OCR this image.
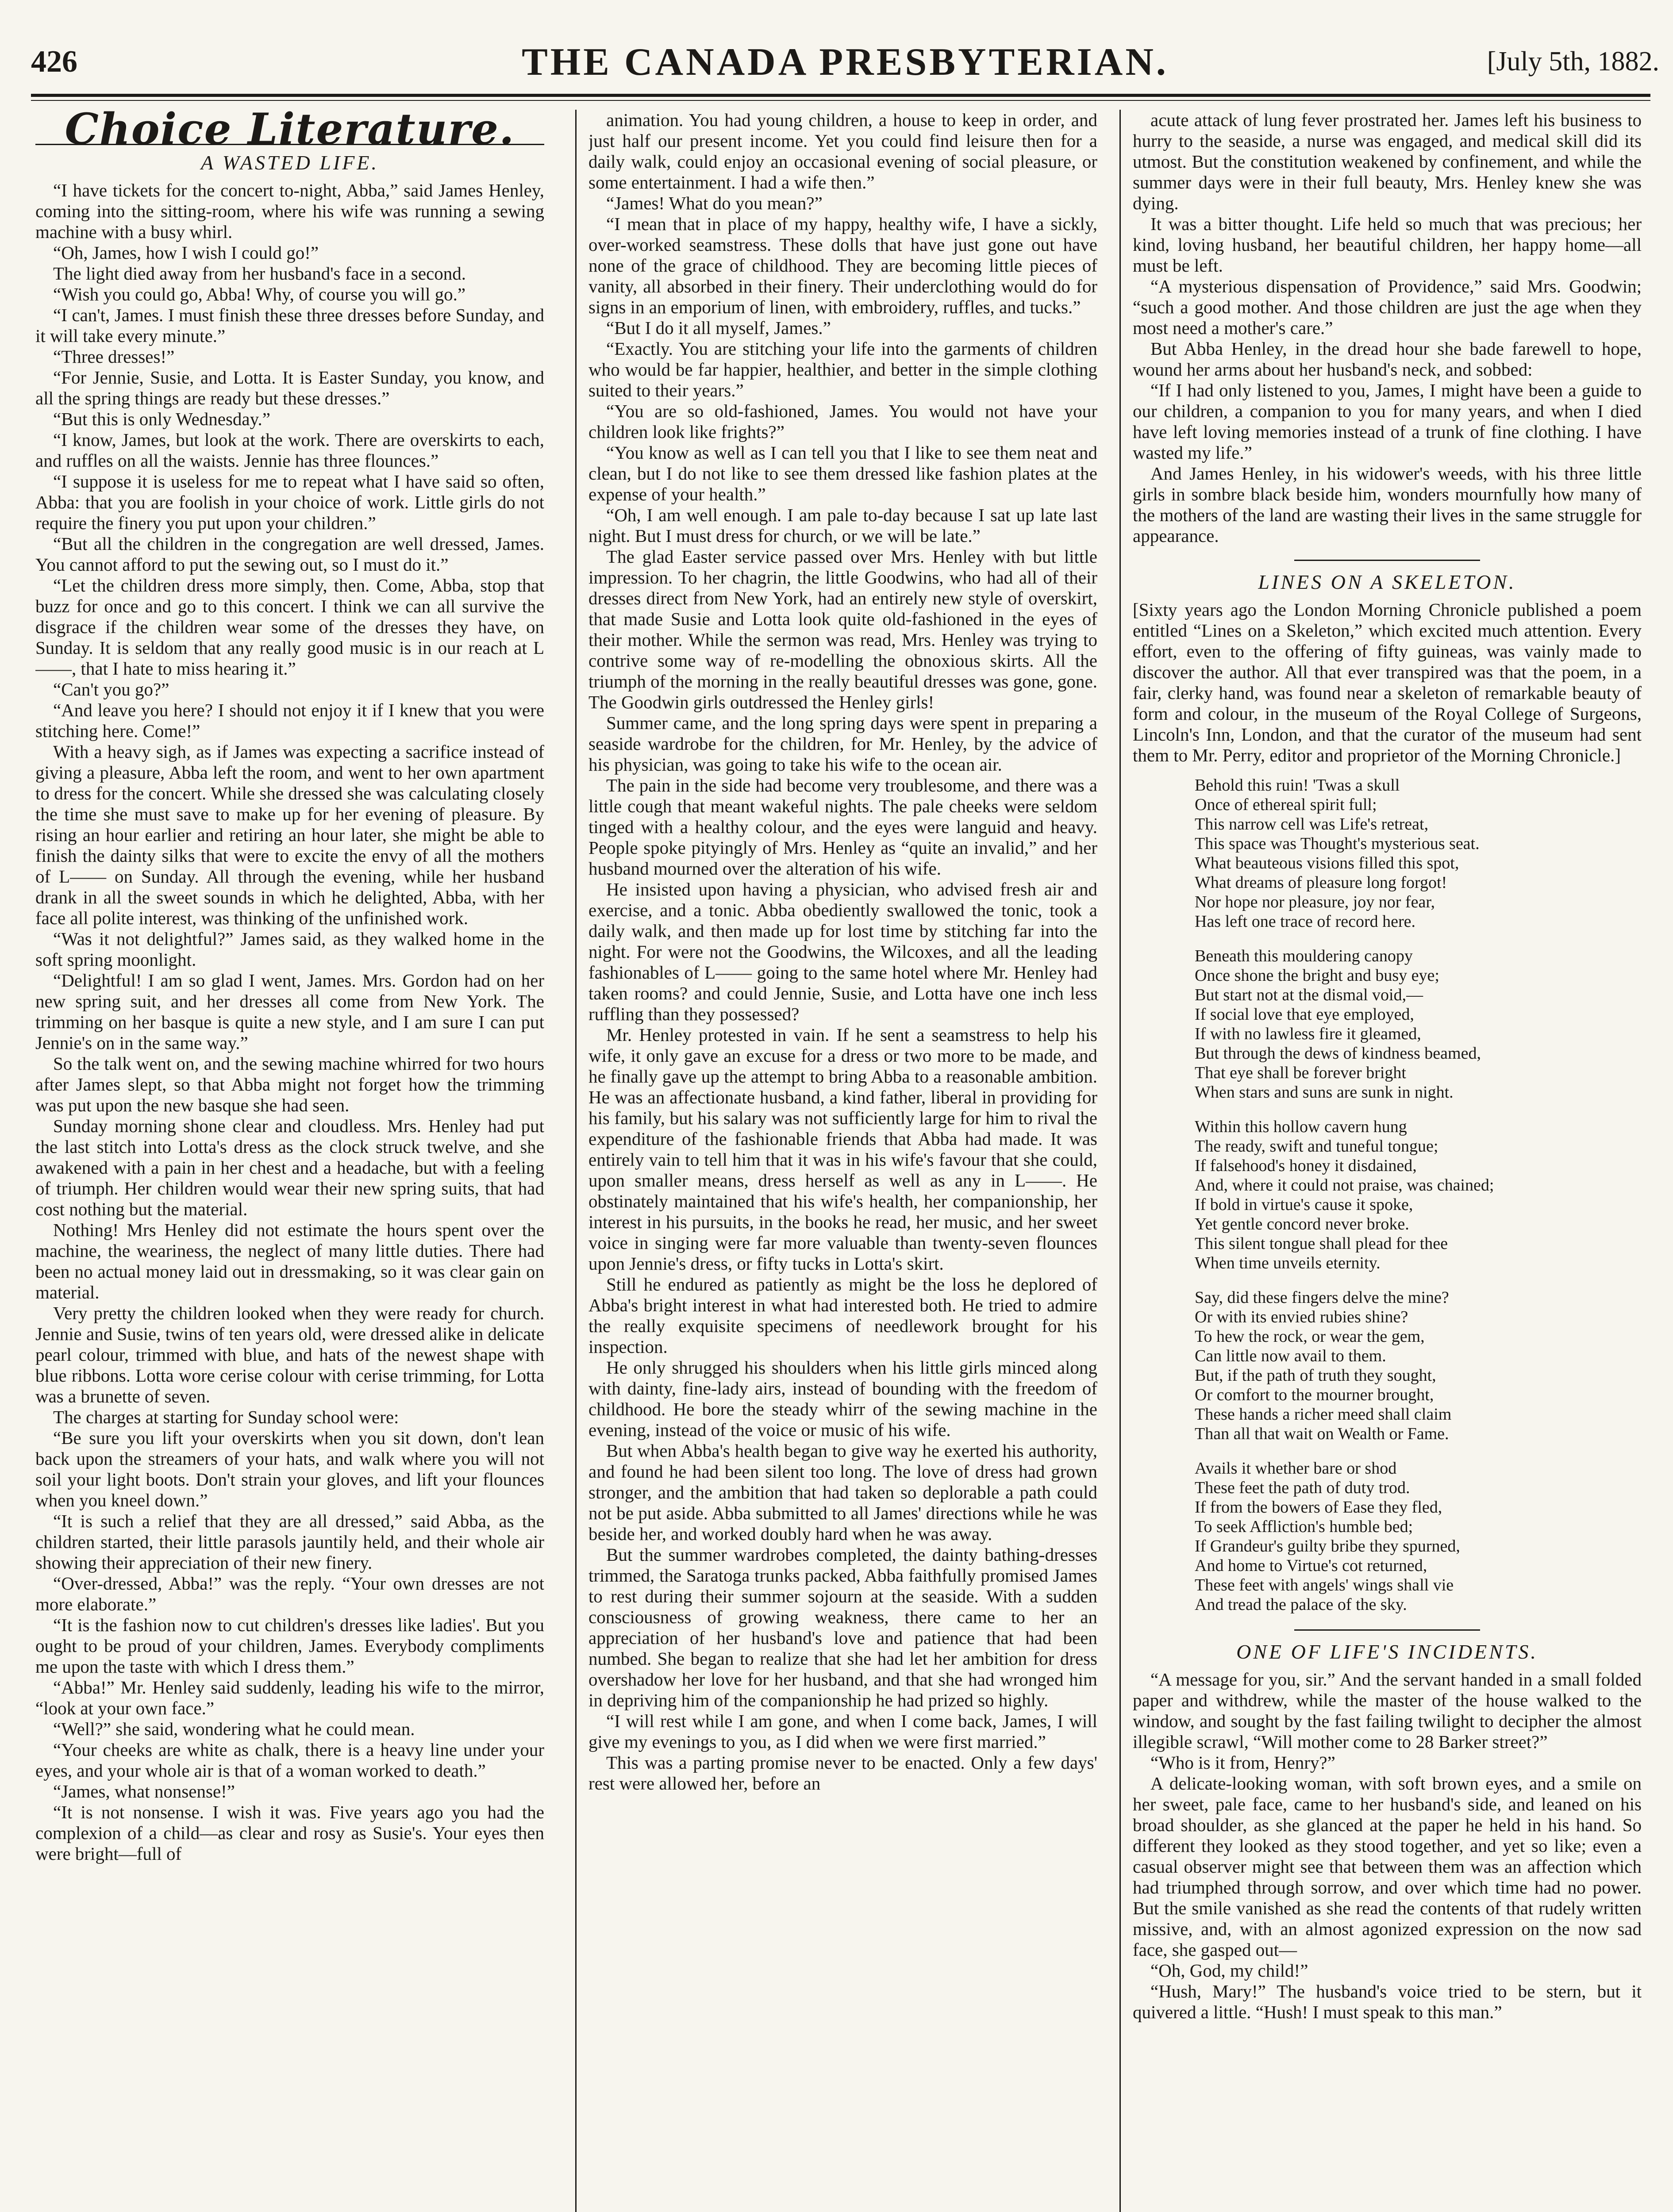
426	THE CANADA PRESBYTERIAN.	[July 5th, 1882.
Choice Literature.
A WASTED LIFE.

“I have tickets for the concert to-night, Abba,” said James Henley, coming into the sitting-room, where his wife was running a sewing machine with a busy whirl.

“Oh, James, how I wish I could go!”

The light died away from her husband's face in a second.

“Wish you could go, Abba! Why, of course you will go.”

“I can't, James. I must finish these three dresses before Sunday, and it will take every minute.”

“Three dresses!”

“For Jennie, Susie, and Lotta. It is Easter Sunday, you know, and all the spring things are ready but these dresses.”

“But this is only Wednesday.”

“I know, James, but look at the work. There are overskirts to each, and ruffles on all the waists. Jennie has three flounces.”

“I suppose it is useless for me to repeat what I have said so often, Abba: that you are foolish in your choice of work. Little girls do not require the finery you put upon your children.”

“But all the children in the congregation are well dressed, James. You cannot afford to put the sewing out, so I must do it.”

“Let the children dress more simply, then. Come, Abba, stop that buzz for once and go to this concert. I think we can all survive the disgrace if the children wear some of the dresses they have, on Sunday. It is seldom that any really good music is in our reach at L——, that I hate to miss hearing it.”

“Can't you go?”

“And leave you here? I should not enjoy it if I knew that you were stitching here. Come!”

With a heavy sigh, as if James was expecting a sacrifice instead of giving a pleasure, Abba left the room, and went to her own apartment to dress for the concert. While she dressed she was calculating closely the time she must save to make up for her evening of pleasure. By rising an hour earlier and retiring an hour later, she might be able to finish the dainty silks that were to excite the envy of all the mothers of L—— on Sunday. All through the evening, while her husband drank in all the sweet sounds in which he delighted, Abba, with her face all polite interest, was thinking of the unfinished work.

“Was it not delightful?” James said, as they walked home in the soft spring moonlight.

“Delightful! I am so glad I went, James. Mrs. Gordon had on her new spring suit, and her dresses all come from New York. The trimming on her basque is quite a new style, and I am sure I can put Jennie's on in the same way.”

So the talk went on, and the sewing machine whirred for two hours after James slept, so that Abba might not forget how the trimming was put upon the new basque she had seen.

Sunday morning shone clear and cloudless. Mrs. Henley had put the last stitch into Lotta's dress as the clock struck twelve, and she awakened with a pain in her chest and a headache, but with a feeling of triumph. Her children would wear their new spring suits, that had cost nothing but the material.

Nothing! Mrs Henley did not estimate the hours spent over the machine, the weariness, the neglect of many little duties. There had been no actual money laid out in dressmaking, so it was clear gain on material.

Very pretty the children looked when they were ready for church. Jennie and Susie, twins of ten years old, were dressed alike in delicate pearl colour, trimmed with blue, and hats of the newest shape with blue ribbons. Lotta wore cerise colour with cerise trimming, for Lotta was a brunette of seven.

The charges at starting for Sunday school were:

“Be sure you lift your overskirts when you sit down, don't lean back upon the streamers of your hats, and walk where you will not soil your light boots. Don't strain your gloves, and lift your flounces when you kneel down.”

“It is such a relief that they are all dressed,” said Abba, as the children started, their little parasols jauntily held, and their whole air showing their appreciation of their new finery.

“Over-dressed, Abba!” was the reply. “Your own dresses are not more elaborate.”

“It is the fashion now to cut children's dresses like ladies'. But you ought to be proud of your children, James. Everybody compliments me upon the taste with which I dress them.”

“Abba!” Mr. Henley said suddenly, leading his wife to the mirror, “look at your own face.”

“Well?” she said, wondering what he could mean.

“Your cheeks are white as chalk, there is a heavy line under your eyes, and your whole air is that of a woman worked to death.”

“James, what nonsense!”

“It is not nonsense. I wish it was. Five years ago you had the complexion of a child—as clear and rosy as Susie's. Your eyes then were bright—full of

animation. You had young children, a house to keep in order, and just half our present income. Yet you could find leisure then for a daily walk, could enjoy an occasional evening of social pleasure, or some entertainment. I had a wife then.”

“James! What do you mean?”

“I mean that in place of my happy, healthy wife, I have a sickly, over-worked seamstress. These dolls that have just gone out have none of the grace of childhood. They are becoming little pieces of vanity, all absorbed in their finery. Their underclothing would do for signs in an emporium of linen, with embroidery, ruffles, and tucks.”

“But I do it all myself, James.”

“Exactly. You are stitching your life into the garments of children who would be far happier, healthier, and better in the simple clothing suited to their years.”

“You are so old-fashioned, James. You would not have your children look like frights?”

“You know as well as I can tell you that I like to see them neat and clean, but I do not like to see them dressed like fashion plates at the expense of your health.”

“Oh, I am well enough. I am pale to-day because I sat up late last night. But I must dress for church, or we will be late.”

The glad Easter service passed over Mrs. Henley with but little impression. To her chagrin, the little Goodwins, who had all of their dresses direct from New York, had an entirely new style of overskirt, that made Susie and Lotta look quite old-fashioned in the eyes of their mother. While the sermon was read, Mrs. Henley was trying to contrive some way of re-modelling the obnoxious skirts. All the triumph of the morning in the really beautiful dresses was gone, gone. The Goodwin girls outdressed the Henley girls!

Summer came, and the long spring days were spent in preparing a seaside wardrobe for the children, for Mr. Henley, by the advice of his physician, was going to take his wife to the ocean air.

The pain in the side had become very troublesome, and there was a little cough that meant wakeful nights. The pale cheeks were seldom tinged with a healthy colour, and the eyes were languid and heavy. People spoke pityingly of Mrs. Henley as “quite an invalid,” and her husband mourned over the alteration of his wife.

He insisted upon having a physician, who advised fresh air and exercise, and a tonic. Abba obediently swallowed the tonic, took a daily walk, and then made up for lost time by stitching far into the night. For were not the Goodwins, the Wilcoxes, and all the leading fashionables of L—— going to the same hotel where Mr. Henley had taken rooms? and could Jennie, Susie, and Lotta have one inch less ruffling than they possessed?

Mr. Henley protested in vain. If he sent a seamstress to help his wife, it only gave an excuse for a dress or two more to be made, and he finally gave up the attempt to bring Abba to a reasonable ambition. He was an affectionate husband, a kind father, liberal in providing for his family, but his salary was not sufficiently large for him to rival the expenditure of the fashionable friends that Abba had made. It was entirely vain to tell him that it was in his wife's favour that she could, upon smaller means, dress herself as well as any in L——. He obstinately maintained that his wife's health, her companionship, her interest in his pursuits, in the books he read, her music, and her sweet voice in singing were far more valuable than twenty-seven flounces upon Jennie's dress, or fifty tucks in Lotta's skirt.

Still he endured as patiently as might be the loss he deplored of Abba's bright interest in what had interested both. He tried to admire the really exquisite specimens of needlework brought for his inspection.

He only shrugged his shoulders when his little girls minced along with dainty, fine-lady airs, instead of bounding with the freedom of childhood. He bore the steady whirr of the sewing machine in the evening, instead of the voice or music of his wife.

But when Abba's health began to give way he exerted his authority, and found he had been silent too long. The love of dress had grown stronger, and the ambition that had taken so deplorable a path could not be put aside. Abba submitted to all James' directions while he was beside her, and worked doubly hard when he was away.

But the summer wardrobes completed, the dainty bathing-dresses trimmed, the Saratoga trunks packed, Abba faithfully promised James to rest during their summer sojourn at the seaside. With a sudden consciousness of growing weakness, there came to her an appreciation of her husband's love and patience that had been numbed. She began to realize that she had let her ambition for dress overshadow her love for her husband, and that she had wronged him in depriving him of the companionship he had prized so highly.

“I will rest while I am gone, and when I come back, James, I will give my evenings to you, as I did when we were first married.”

This was a parting promise never to be enacted. Only a few days' rest were allowed her, before an

acute attack of lung fever prostrated her. James left his business to hurry to the seaside, a nurse was engaged, and medical skill did its utmost. But the constitution weakened by confinement, and while the summer days were in their full beauty, Mrs. Henley knew she was dying.

It was a bitter thought. Life held so much that was precious; her kind, loving husband, her beautiful children, her happy home—all must be left.

“A mysterious dispensation of Providence,” said Mrs. Goodwin; “such a good mother. And those children are just the age when they most need a mother's care.”

But Abba Henley, in the dread hour she bade farewell to hope, wound her arms about her husband's neck, and sobbed:

“If I had only listened to you, James, I might have been a guide to our children, a companion to you for many years, and when I died have left loving memories instead of a trunk of fine clothing. I have wasted my life.”

And James Henley, in his widower's weeds, with his three little girls in sombre black beside him, wonders mournfully how many of the mothers of the land are wasting their lives in the same struggle for appearance.

LINES ON A SKELETON.

[Sixty years ago the London Morning Chronicle published a poem entitled “Lines on a Skeleton,” which excited much attention. Every effort, even to the offering of fifty guineas, was vainly made to discover the author. All that ever transpired was that the poem, in a fair, clerky hand, was found near a skeleton of remarkable beauty of form and colour, in the museum of the Royal College of Surgeons, Lincoln's Inn, London, and that the curator of the museum had sent them to Mr. Perry, editor and proprietor of the Morning Chronicle.]

Behold this ruin! 'Twas a skull
Once of ethereal spirit full;
This narrow cell was Life's retreat,
This space was Thought's mysterious seat.
What beauteous visions filled this spot,
What dreams of pleasure long forgot!
Nor hope nor pleasure, joy nor fear,
Has left one trace of record here.
Beneath this mouldering canopy
Once shone the bright and busy eye;
But start not at the dismal void,—
If social love that eye employed,
If with no lawless fire it gleamed,
But through the dews of kindness beamed,
That eye shall be forever bright
When stars and suns are sunk in night.
Within this hollow cavern hung
The ready, swift and tuneful tongue;
If falsehood's honey it disdained,
And, where it could not praise, was chained;
If bold in virtue's cause it spoke,
Yet gentle concord never broke.
This silent tongue shall plead for thee
When time unveils eternity.
Say, did these fingers delve the mine?
Or with its envied rubies shine?
To hew the rock, or wear the gem,
Can little now avail to them.
But, if the path of truth they sought,
Or comfort to the mourner brought,
These hands a richer meed shall claim
Than all that wait on Wealth or Fame.
Avails it whether bare or shod
These feet the path of duty trod.
If from the bowers of Ease they fled,
To seek Affliction's humble bed;
If Grandeur's guilty bribe they spurned,
And home to Virtue's cot returned,
These feet with angels' wings shall vie
And tread the palace of the sky.
ONE OF LIFE'S INCIDENTS.

“A message for you, sir.” And the servant handed in a small folded paper and withdrew, while the master of the house walked to the window, and sought by the fast failing twilight to decipher the almost illegible scrawl, “Will mother come to 28 Barker street?”

“Who is it from, Henry?”

A delicate-looking woman, with soft brown eyes, and a smile on her sweet, pale face, came to her husband's side, and leaned on his broad shoulder, as she glanced at the paper he held in his hand. So different they looked as they stood together, and yet so like; even a casual observer might see that between them was an affection which had triumphed through sorrow, and over which time had no power. But the smile vanished as she read the contents of that rudely written missive, and, with an almost agonized expression on the now sad face, she gasped out—

“Oh, God, my child!”

“Hush, Mary!” The husband's voice tried to be stern, but it quivered a little. “Hush! I must speak to this man.”
